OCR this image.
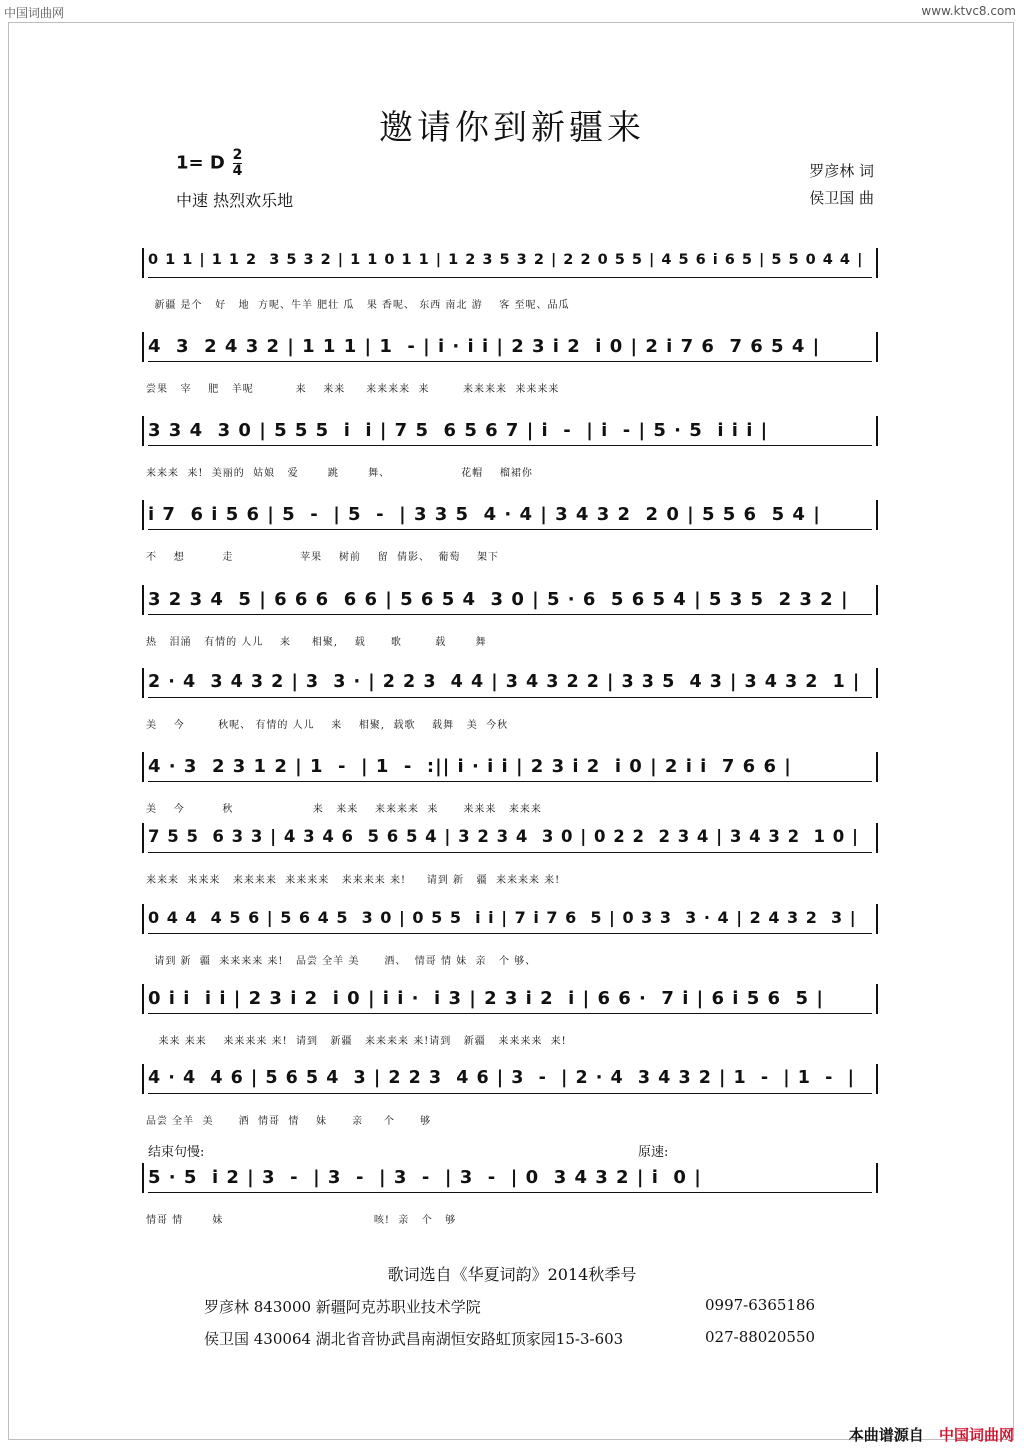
中国词曲网	www.ktvc8.com
邀请你到新疆来
1= D $\frac{2}{4}$
中速 热烈欢乐地
罗彦林 词
侯卫国 曲
0 1 1 | 1 1 2  3 5 3 2 | 1 1 0 1 1 | 1 2 3 5 3 2 | 2 2 0 5 5 | 4 5 6 i 6 5 | 5 5 0 4 4 |
新疆 是个   好   地  方呢、牛羊 肥壮 瓜   果 香呢、 东西 南北 游    客 至呢、品瓜
4  3  2 4 3 2 | 1 1 1 | 1  - | i · i i | 2 3 i 2  i 0 | 2 i 7 6  7 6 5 4 |
尝果   宰    肥   羊呢          来    来来     来来来来  来        来来来来  来来来来
3 3 4  3 0 | 5 5 5  i  i | 7 5  6 5 6 7 | i  -  | i  - | 5 · 5  i i i |
来来来  来!  美丽的  姑娘   爱       跳       舞、                 花帽    榴裙你
i 7  6 i 5 6 | 5  -  | 5  -  | 3 3 5  4 · 4 | 3 4 3 2  2 0 | 5 5 6  5 4 |
不    想         走                苹果    树前    留  倩影、  葡萄    架下
3 2 3 4  5 | 6 6 6  6 6 | 5 6 5 4  3 0 | 5 · 6  5 6 5 4 | 5 3 5  2 3 2 |
热   泪涌   有情的 人儿    来     相聚,    载      歌        载       舞
2 · 4  3 4 3 2 | 3  3 · | 2 2 3  4 4 | 3 4 3 2 2 | 3 3 5  4 3 | 3 4 3 2  1 |
美    今        秋呢、 有情的 人儿    来    相聚,  载歌    载舞   美  今秋
4 · 3  2 3 1 2 | 1  -  | 1  -  :|| i · i i | 2 3 i 2  i 0 | 2 i i  7 6 6 |
美    今         秋                   来   来来    来来来来  来      来来来   来来来
7 5 5  6 3 3 | 4 3 4 6  5 6 5 4 | 3 2 3 4  3 0 | 0 2 2  2 3 4 | 3 4 3 2  1 0 |
来来来  来来来   来来来来  来来来来   来来来来 来!     请到 新   疆  来来来来 来!
0 4 4  4 5 6 | 5 6 4 5  3 0 | 0 5 5  i i | 7 i 7 6  5 | 0 3 3  3 · 4 | 2 4 3 2  3 |
请到 新  疆  来来来来 来!   品尝 全羊 美      酒、  情哥 情 妹  亲   个 够、
0 i i  i i | 2 3 i 2  i 0 | i i ·  i 3 | 2 3 i 2  i | 6 6 ·  7 i | 6 i 5 6  5 |
来来 来来    来来来来 来!  请到   新疆   来来来来 来!请到   新疆   来来来来  来!
4 · 4  4 6 | 5 6 5 4  3 | 2 2 3  4 6 | 3  -  | 2 · 4  3 4 3 2 | 1  -  | 1  -  |
品尝 全羊  美      酒  情哥  情    妹      亲     个      够
5 · 5  i 2 | 3  -  | 3  -  | 3  -  | 3  -  | 0  3 4 3 2 | i  0 |
结束句慢:	原速:
情哥 情       妹                                    咳!  亲   个   够
歌词选自《华夏词韵》2014秋季号
罗彦林 843000 新疆阿克苏职业技术学院	0997-6365186
侯卫国 430064 湖北省音协武昌南湖恒安路虹顶家园15-3-603	027-88020550
本曲谱源自 中国词曲网
